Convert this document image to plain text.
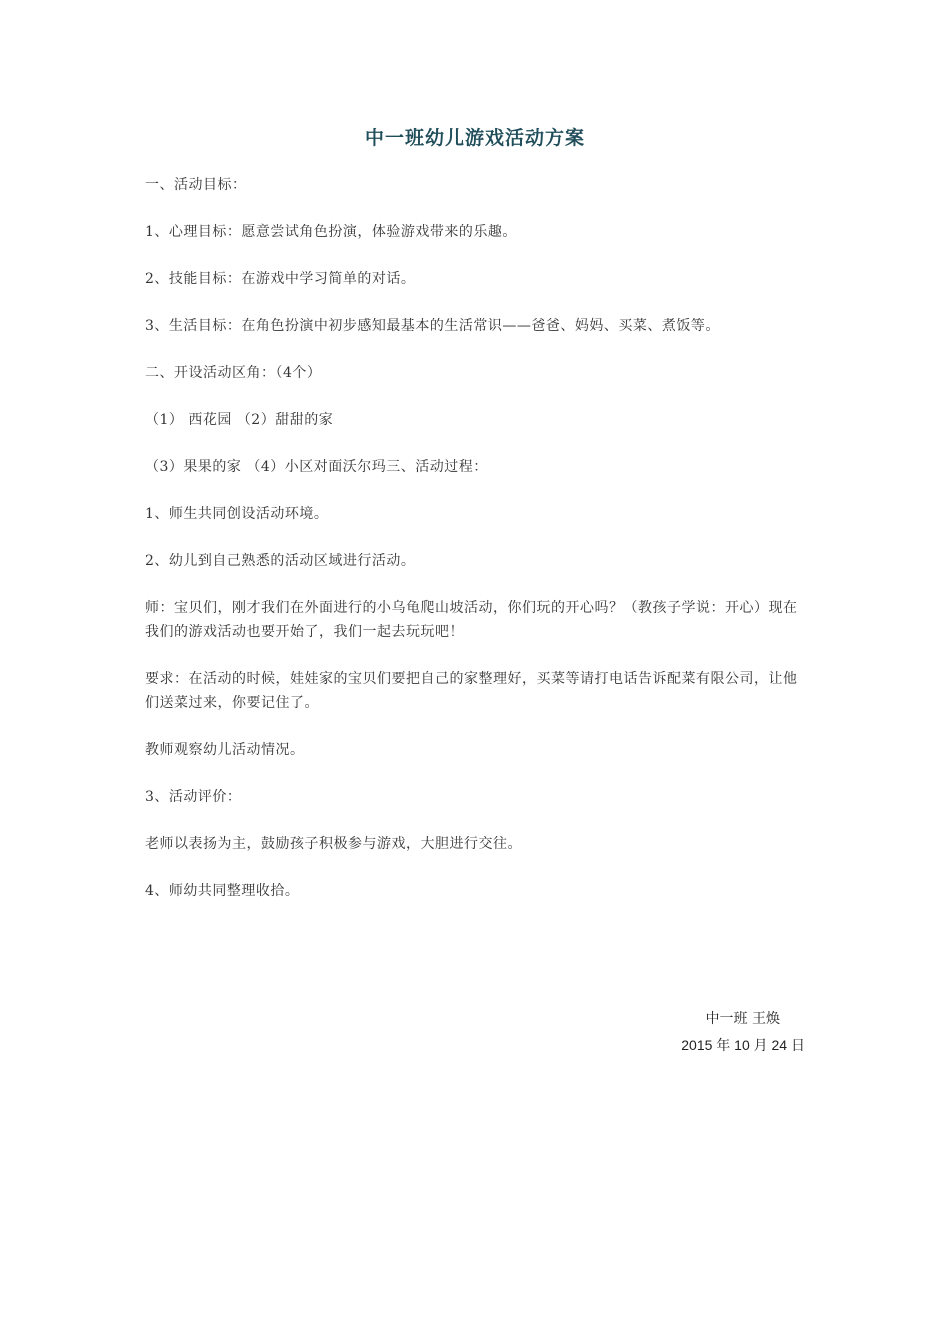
中一班幼儿游戏活动方案

一、活动目标：

1、心理目标：愿意尝试角色扮演，体验游戏带来的乐趣。

2、技能目标：在游戏中学习简单的对话。

3、生活目标：在角色扮演中初步感知最基本的生活常识——爸爸、妈妈、买菜、煮饭等。

二、开设活动区角：（4个）

（1） 西花园 （2）甜甜的家

（3）果果的家 （4）小区对面沃尔玛三、活动过程：

1、师生共同创设活动环境。

2、幼儿到自己熟悉的活动区域进行活动。

师：宝贝们，刚才我们在外面进行的小乌龟爬山坡活动，你们玩的开心吗？（教孩子学说：开心）现在我们的游戏活动也要开始了，我们一起去玩玩吧！

要求：在活动的时候，娃娃家的宝贝们要把自己的家整理好，买菜等请打电话告诉配菜有限公司，让他们送菜过来，你要记住了。

教师观察幼儿活动情况。

3、活动评价：

老师以表扬为主，鼓励孩子积极参与游戏，大胆进行交往。

4、师幼共同整理收拾。

中一班 王焕
2015 年 10 月 24 日
